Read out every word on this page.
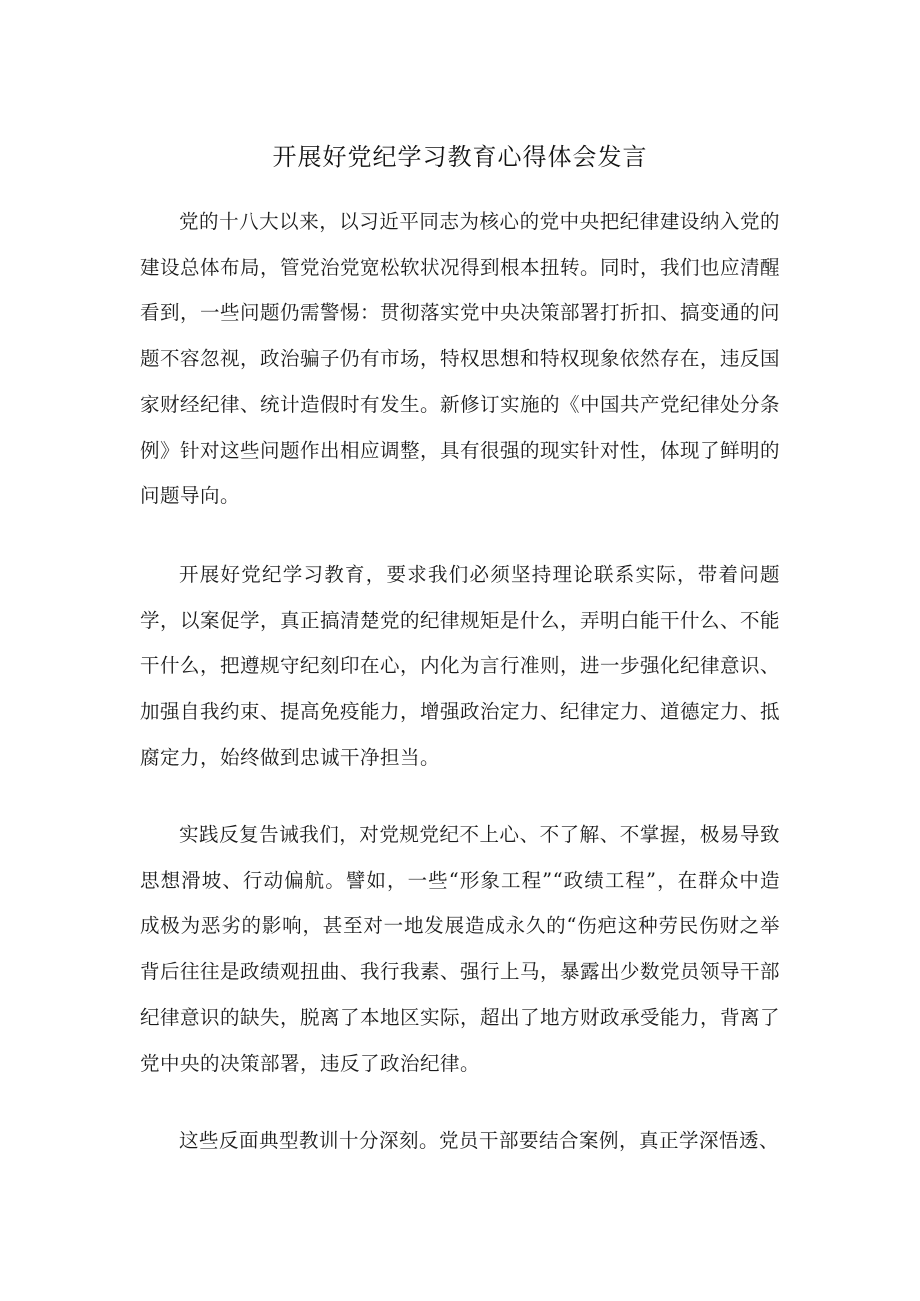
开展好党纪学习教育心得体会发言

党的十八大以来，以习近平同志为核心的党中央把纪律建设纳入党的建设总体布局，管党治党宽松软状况得到根本扭转。同时，我们也应清醒看到，一些问题仍需警惕：贯彻落实党中央决策部署打折扣、搞变通的问题不容忽视，政治骗子仍有市场，特权思想和特权现象依然存在，违反国家财经纪律、统计造假时有发生。新修订实施的《中国共产党纪律处分条例》针对这些问题作出相应调整，具有很强的现实针对性，体现了鲜明的问题导向。

开展好党纪学习教育，要求我们必须坚持理论联系实际，带着问题学，以案促学，真正搞清楚党的纪律规矩是什么，弄明白能干什么、不能干什么，把遵规守纪刻印在心，内化为言行准则，进一步强化纪律意识、加强自我约束、提高免疫能力，增强政治定力、纪律定力、道德定力、抵腐定力，始终做到忠诚干净担当。

实践反复告诫我们，对党规党纪不上心、不了解、不掌握，极易导致思想滑坡、行动偏航。譬如，一些“形象工程”“政绩工程”，在群众中造成极为恶劣的影响，甚至对一地发展造成永久的“伤疤这种劳民伤财之举背后往往是政绩观扭曲、我行我素、强行上马，暴露出少数党员领导干部纪律意识的缺失，脱离了本地区实际，超出了地方财政承受能力，背离了党中央的决策部署，违反了政治纪律。

这些反面典型教训十分深刻。党员干部要结合案例，真正学深悟透、
